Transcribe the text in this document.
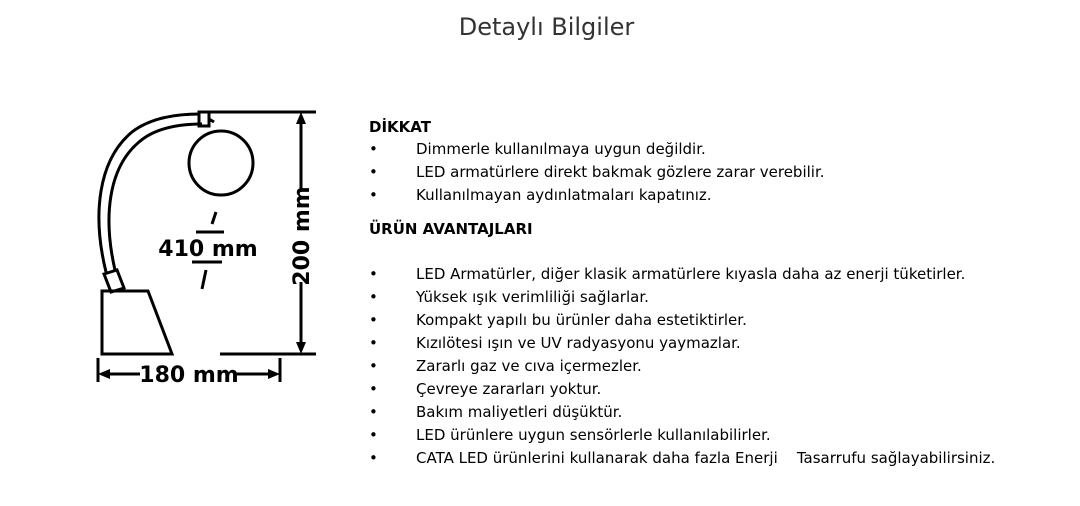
Detaylı Bilgiler
410 mm 200 mm
180 mm
DİKKAT
•	Dimmerle kullanılmaya uygun değildir.
•	LED armatürlere direkt bakmak gözlere zarar verebilir.
•	Kullanılmayan aydınlatmaları kapatınız.
ÜRÜN AVANTAJLARI
•	LED Armatürler, diğer klasik armatürlere kıyasla daha az enerji tüketirler.
•	Yüksek ışık verimliliği sağlarlar.
•	Kompakt yapılı bu ürünler daha estetiktirler.
•	Kızılötesi ışın ve UV radyasyonu yaymazlar.
•	Zararlı gaz ve cıva içermezler.
•	Çevreye zararları yoktur.
•	Bakım maliyetleri düşüktür.
•	LED ürünlere uygun sensörlerle kullanılabilirler.
•	CATA LED ürünlerini kullanarak daha fazla Enerji    Tasarrufu sağlayabilirsiniz.
